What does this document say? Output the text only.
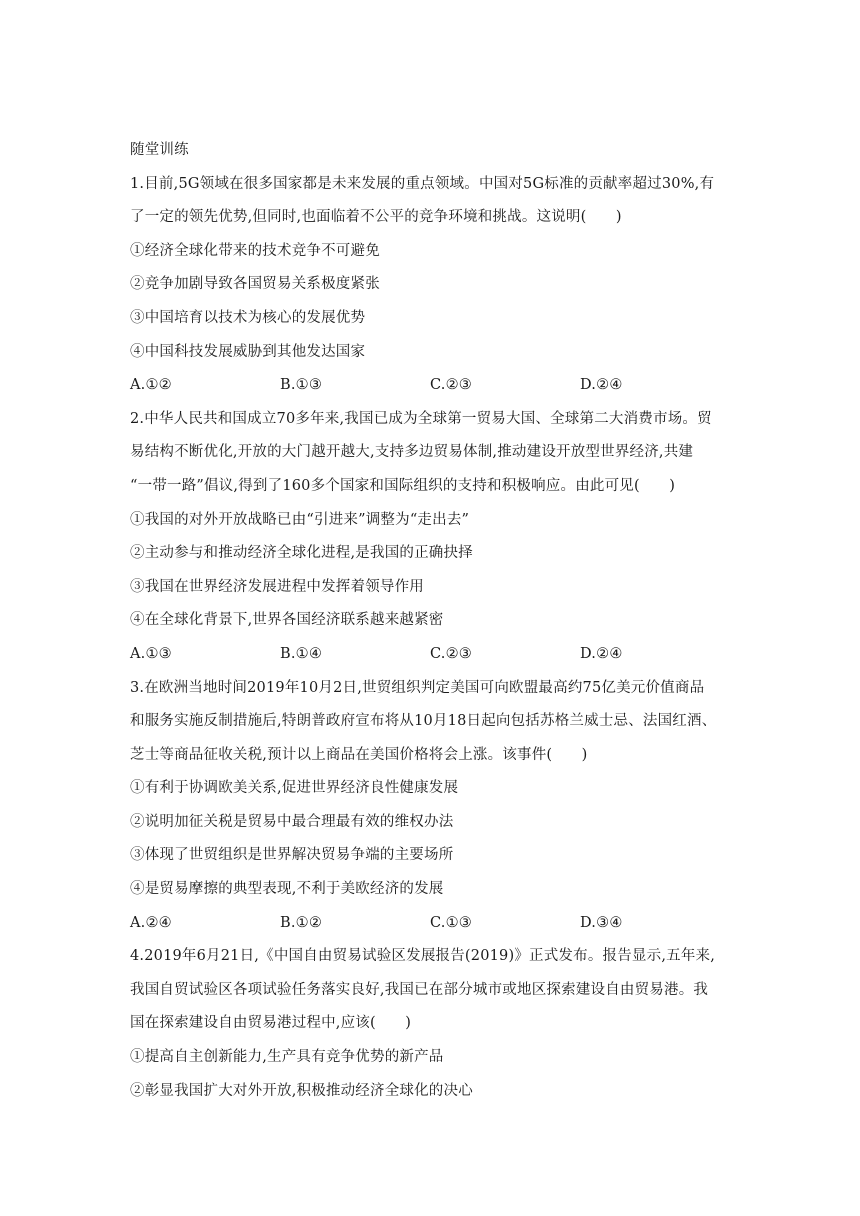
随堂训练
1.目前,5G领域在很多国家都是未来发展的重点领域。中国对5G标准的贡献率超过30%,有
了一定的领先优势,但同时,也面临着不公平的竞争环境和挑战。这说明(　　)
①经济全球化带来的技术竞争不可避免
②竞争加剧导致各国贸易关系极度紧张
③中国培育以技术为核心的发展优势
④中国科技发展威胁到其他发达国家
A.①②	B.①③	C.②③	D.②④
2.中华人民共和国成立70多年来,我国已成为全球第一贸易大国、全球第二大消费市场。贸
易结构不断优化,开放的大门越开越大,支持多边贸易体制,推动建设开放型世界经济,共建
“一带一路”倡议,得到了160多个国家和国际组织的支持和积极响应。由此可见(　　)
①我国的对外开放战略已由“引进来”调整为“走出去”
②主动参与和推动经济全球化进程,是我国的正确抉择
③我国在世界经济发展进程中发挥着领导作用
④在全球化背景下,世界各国经济联系越来越紧密
A.①③	B.①④	C.②③	D.②④
3.在欧洲当地时间2019年10月2日,世贸组织判定美国可向欧盟最高约75亿美元价值商品
和服务实施反制措施后,特朗普政府宣布将从10月18日起向包括苏格兰威士忌、法国红酒、
芝士等商品征收关税,预计以上商品在美国价格将会上涨。该事件(　　)
①有利于协调欧美关系,促进世界经济良性健康发展
②说明加征关税是贸易中最合理最有效的维权办法
③体现了世贸组织是世界解决贸易争端的主要场所
④是贸易摩擦的典型表现,不利于美欧经济的发展
A.②④	B.①②	C.①③	D.③④
4.2019年6月21日,《中国自由贸易试验区发展报告(2019)》正式发布。报告显示,五年来,
我国自贸试验区各项试验任务落实良好,我国已在部分城市或地区探索建设自由贸易港。我
国在探索建设自由贸易港过程中,应该(　　)
①提高自主创新能力,生产具有竞争优势的新产品
②彰显我国扩大对外开放,积极推动经济全球化的决心
